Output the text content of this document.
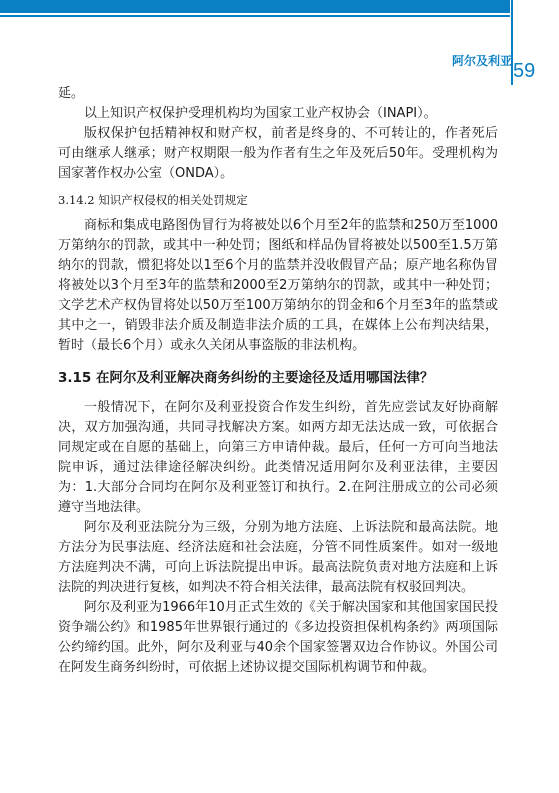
阿尔及利亚 59

延。

以上知识产权保护受理机构均为国家工业产权协会（INAPI）。

版权保护包括精神权和财产权，前者是终身的、不可转让的，作者死后可由继承人继承；财产权期限一般为作者有生之年及死后50年。受理机构为国家著作权办公室（ONDA）。

3.14.2 知识产权侵权的相关处罚规定

商标和集成电路图伪冒行为将被处以6个月至2年的监禁和250万至1000万第纳尔的罚款，或其中一种处罚；图纸和样品伪冒将被处以500至1.5万第纳尔的罚款，惯犯将处以1至6个月的监禁并没收假冒产品；原产地名称伪冒将被处以3个月至3年的监禁和2000至2万第纳尔的罚款，或其中一种处罚；文学艺术产权伪冒将处以50万至100万第纳尔的罚金和6个月至3年的监禁或其中之一，销毁非法介质及制造非法介质的工具，在媒体上公布判决结果，暂时（最长6个月）或永久关闭从事盗版的非法机构。

3.15 在阿尔及利亚解决商务纠纷的主要途径及适用哪国法律？

一般情况下，在阿尔及利亚投资合作发生纠纷，首先应尝试友好协商解决，双方加强沟通，共同寻找解决方案。如两方却无法达成一致，可依据合同规定或在自愿的基础上，向第三方申请仲裁。最后，任何一方可向当地法院申诉，通过法律途径解决纠纷。此类情况适用阿尔及利亚法律，主要因为：1.大部分合同均在阿尔及利亚签订和执行。2.在阿注册成立的公司必须遵守当地法律。

阿尔及利亚法院分为三级，分别为地方法庭、上诉法院和最高法院。地方法分为民事法庭、经济法庭和社会法庭，分管不同性质案件。如对一级地方法庭判决不满，可向上诉法院提出申诉。最高法院负责对地方法庭和上诉法院的判决进行复核，如判决不符合相关法律，最高法院有权驳回判决。

阿尔及利亚为1966年10月正式生效的《关于解决国家和其他国家国民投资争端公约》和1985年世界银行通过的《多边投资担保机构条约》两项国际公约缔约国。此外，阿尔及利亚与40余个国家签署双边合作协议。外国公司在阿发生商务纠纷时，可依据上述协议提交国际机构调节和仲裁。
